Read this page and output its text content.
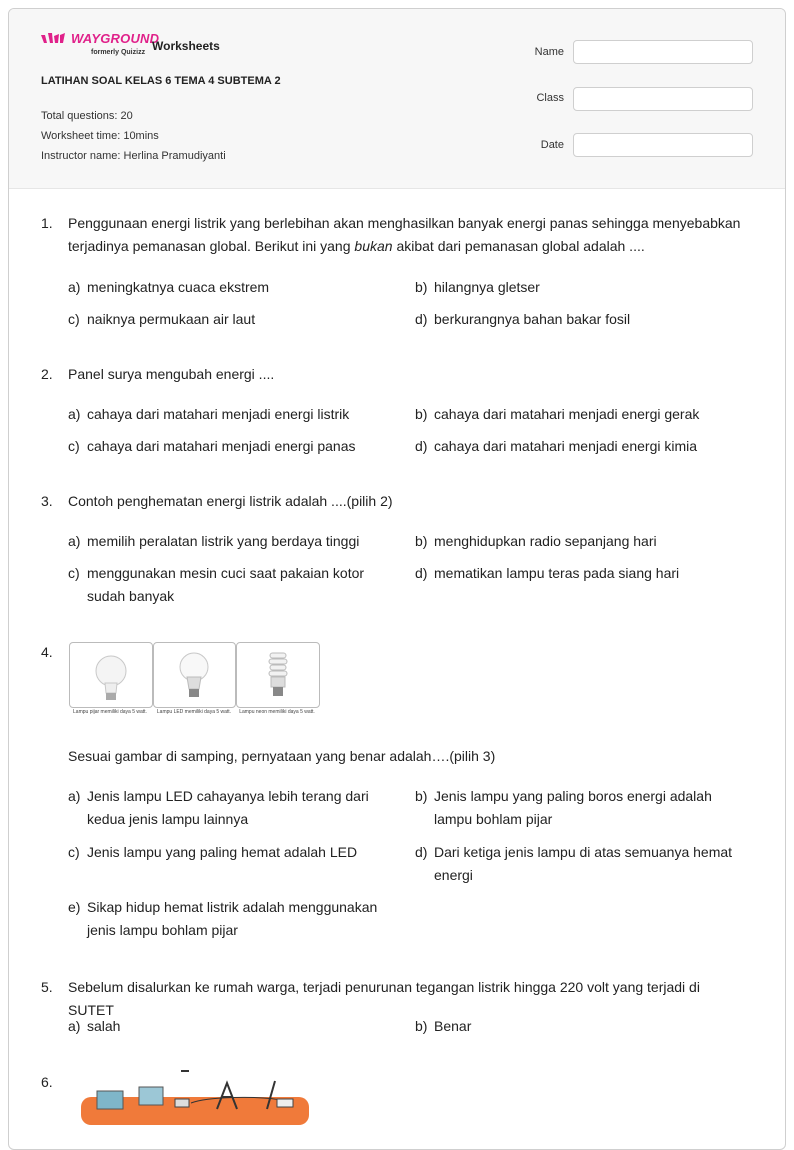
WAYGROUND
formerly Quizizz Worksheets
LATIHAN SOAL KELAS 6 TEMA 4 SUBTEMA 2
Total questions: 20
Worksheet time: 10mins
Instructor name: Herlina Pramudiyanti
Name
Class
Date
1. Penggunaan energi listrik yang berlebihan akan menghasilkan banyak energi panas sehingga menyebabkan terjadinya pemanasan global. Berikut ini yang bukan akibat dari pemanasan global adalah ....
a) meningkatnya cuaca ekstrem	b) hilangnya gletser
c) naiknya permukaan air laut	d) berkurangnya bahan bakar fosil
2. Panel surya mengubah energi ....
a) cahaya dari matahari menjadi energi listrik	b) cahaya dari matahari menjadi energi gerak
c) cahaya dari matahari menjadi energi panas	d) cahaya dari matahari menjadi energi kimia
3. Contoh penghematan energi listrik adalah ....(pilih 2)
a) memilih peralatan listrik yang berdaya tinggi	b) menghidupkan radio sepanjang hari
c) menggunakan mesin cuci saat pakaian kotor sudah banyak
d) mematikan lampu teras pada siang hari
4.
Lampu pijar memiliki daya 5 watt.	Lampu LED memiliki daya 5 watt.	Lampu neon memiliki daya 5 watt.
Sesuai gambar di samping, pernyataan yang benar adalah….(pilih 3)
a) Jenis lampu LED cahayanya lebih terang dari kedua jenis lampu lainnya
b) Jenis lampu yang paling boros energi adalah lampu bohlam pijar
c) Jenis lampu yang paling hemat adalah LED	d) Dari ketiga jenis lampu di atas semuanya hemat energi
e) Sikap hidup hemat listrik adalah menggunakan jenis lampu bohlam pijar
5. Sebelum disalurkan ke rumah warga, terjadi penurunan tegangan listrik hingga 220 volt yang terjadi di SUTET
a) salah	b) Benar
6.
